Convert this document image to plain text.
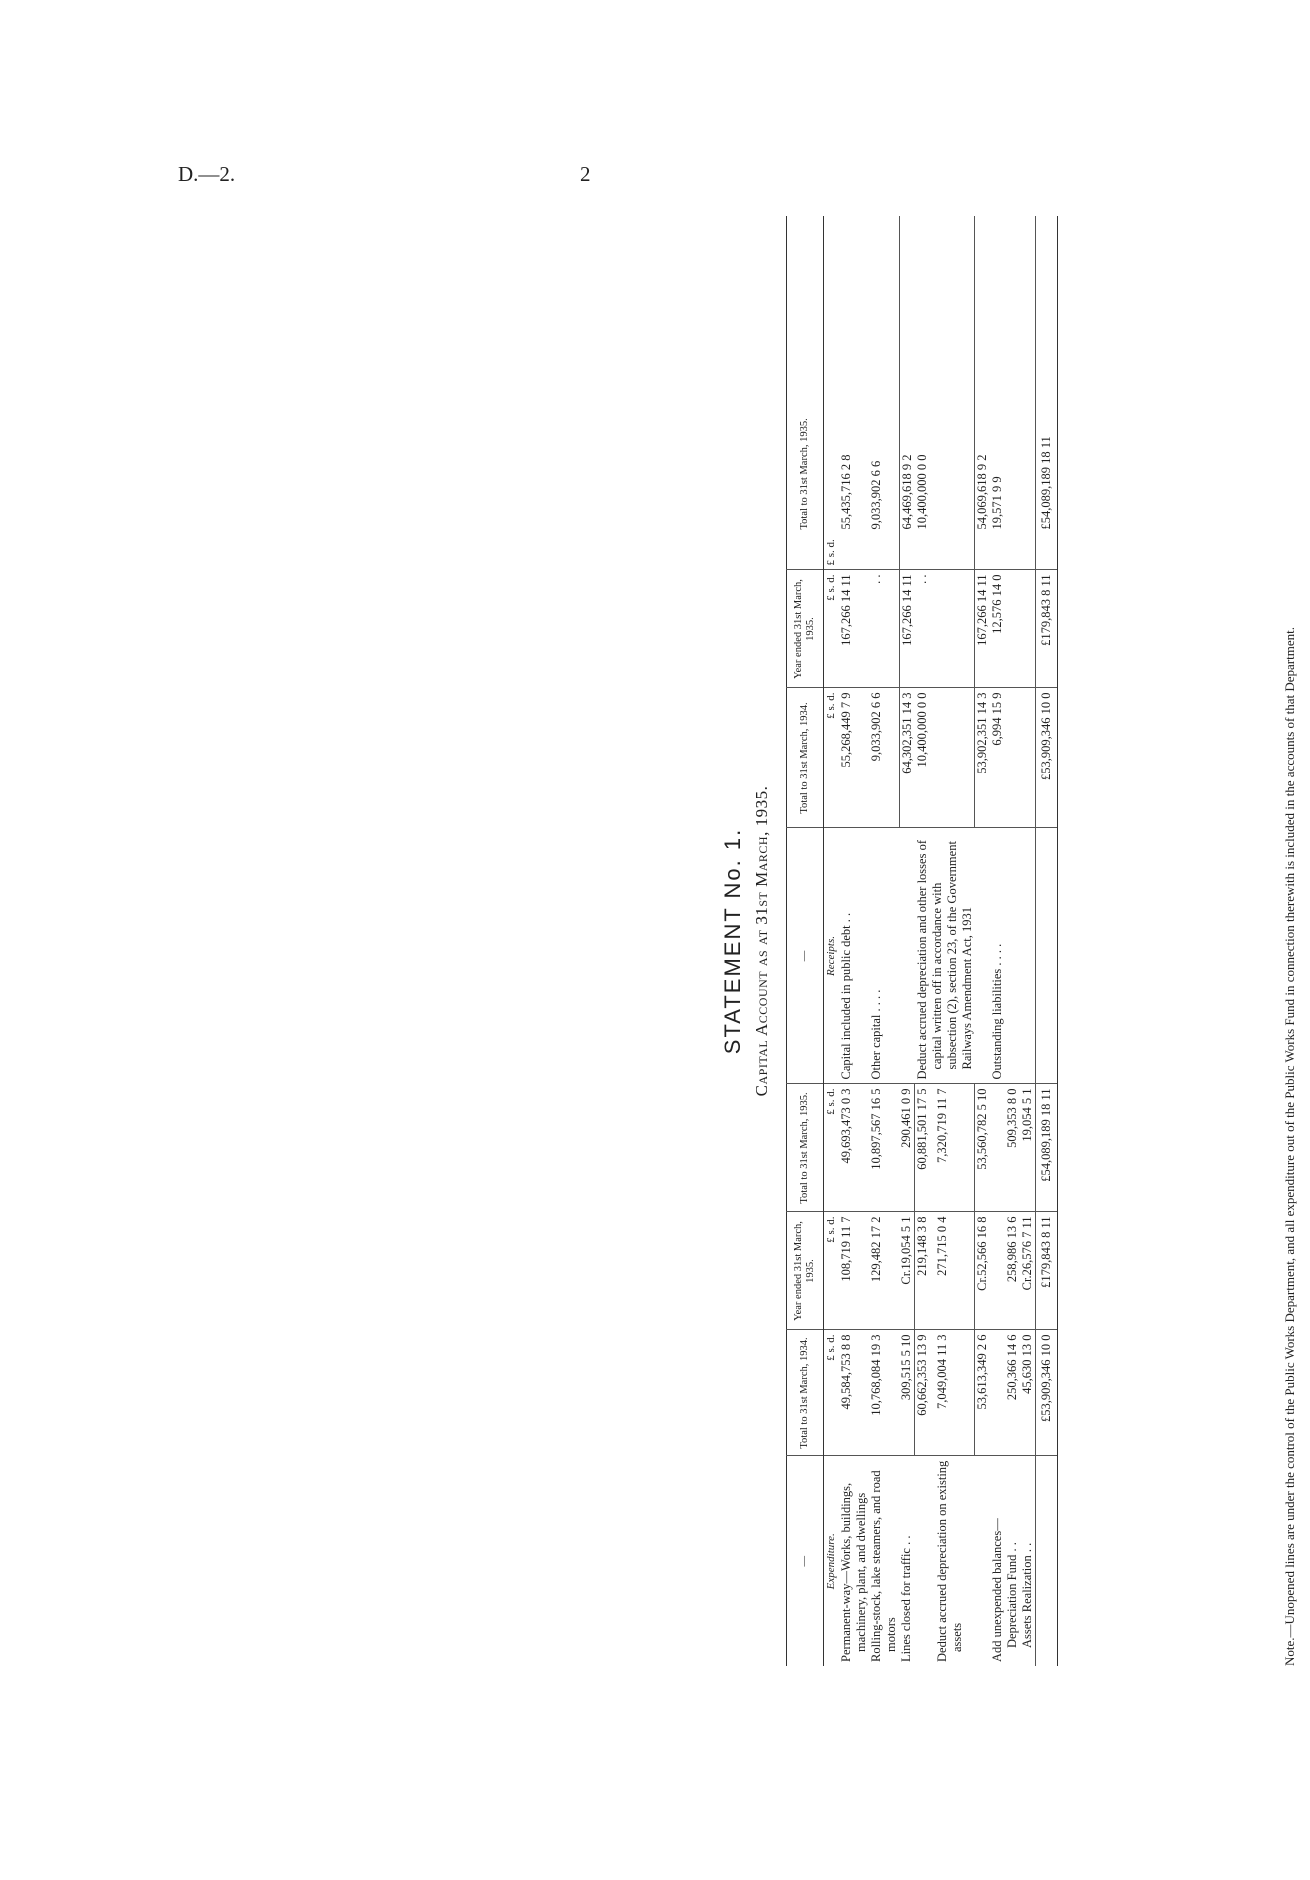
D.—2.	2
STATEMENT No. 1. Capital Account as at 31st March, 1935.
—	Total to 31st March, 1934.	Year ended 31st March, 1935.	Total to 31st March, 1935.	—	Total to 31st March, 1934.	Year ended 31st March, 1935.	Total to 31st March, 1935.
Expenditure.	£ s. d.	£ s. d.	£ s. d.	Receipts.	£ s. d.	£ s. d.	£ s. d.
Permanent-way—Works, buildings, machinery, plant, and dwellings	49,584,753 8 8	108,719 11 7	49,693,473 0 3	Capital included in public debt . .	55,268,449 7 9	167,266 14 11	55,435,716 2 8
Rolling-stock, lake steamers, and road motors	10,768,084 19 3	129,482 17 2	10,897,567 16 5	Other capital . . . .	9,033,902 6 6	. .	9,033,902 6 6
Lines closed for traffic . .	309,515 5 10	Cr.19,054 5 1	290,461 0 9		64,302,351 14 3	167,266 14 11	64,469,618 9 2
	60,662,353 13 9	219,148 3 8	60,881,501 17 5	Deduct accrued depreciation and other losses of capital written off in accordance with subsection (2), section 23, of the Government Railways Amendment Act, 1931	10,400,000 0 0	. .	10,400,000 0 0
Deduct accrued depreciation on existing assets	7,049,004 11 3	271,715 0 4	7,320,719 11 7				
	53,613,349 2 6	Cr.52,566 16 8	53,560,782 5 10		53,902,351 14 3	167,266 14 11	54,069,618 9 2
Add unexpended balances—				Outstanding liabilities . . . .	6,994 15 9	12,576 14 0	19,571 9 9
Depreciation Fund . .	250,366 14 6	258,986 13 6	509,353 8 0				
Assets Realization . .	45,630 13 0	Cr.26,576 7 11	19,054 5 1				
	£53,909,346 10 0	£179,843 8 11	£54,089,189 18 11		£53,909,346 10 0	£179,843 8 11	£54,089,189 18 11
Note.—Unopened lines are under the control of the Public Works Department, and all expenditure out of the Public Works Fund in connection therewith is included in the accounts of that Department.
